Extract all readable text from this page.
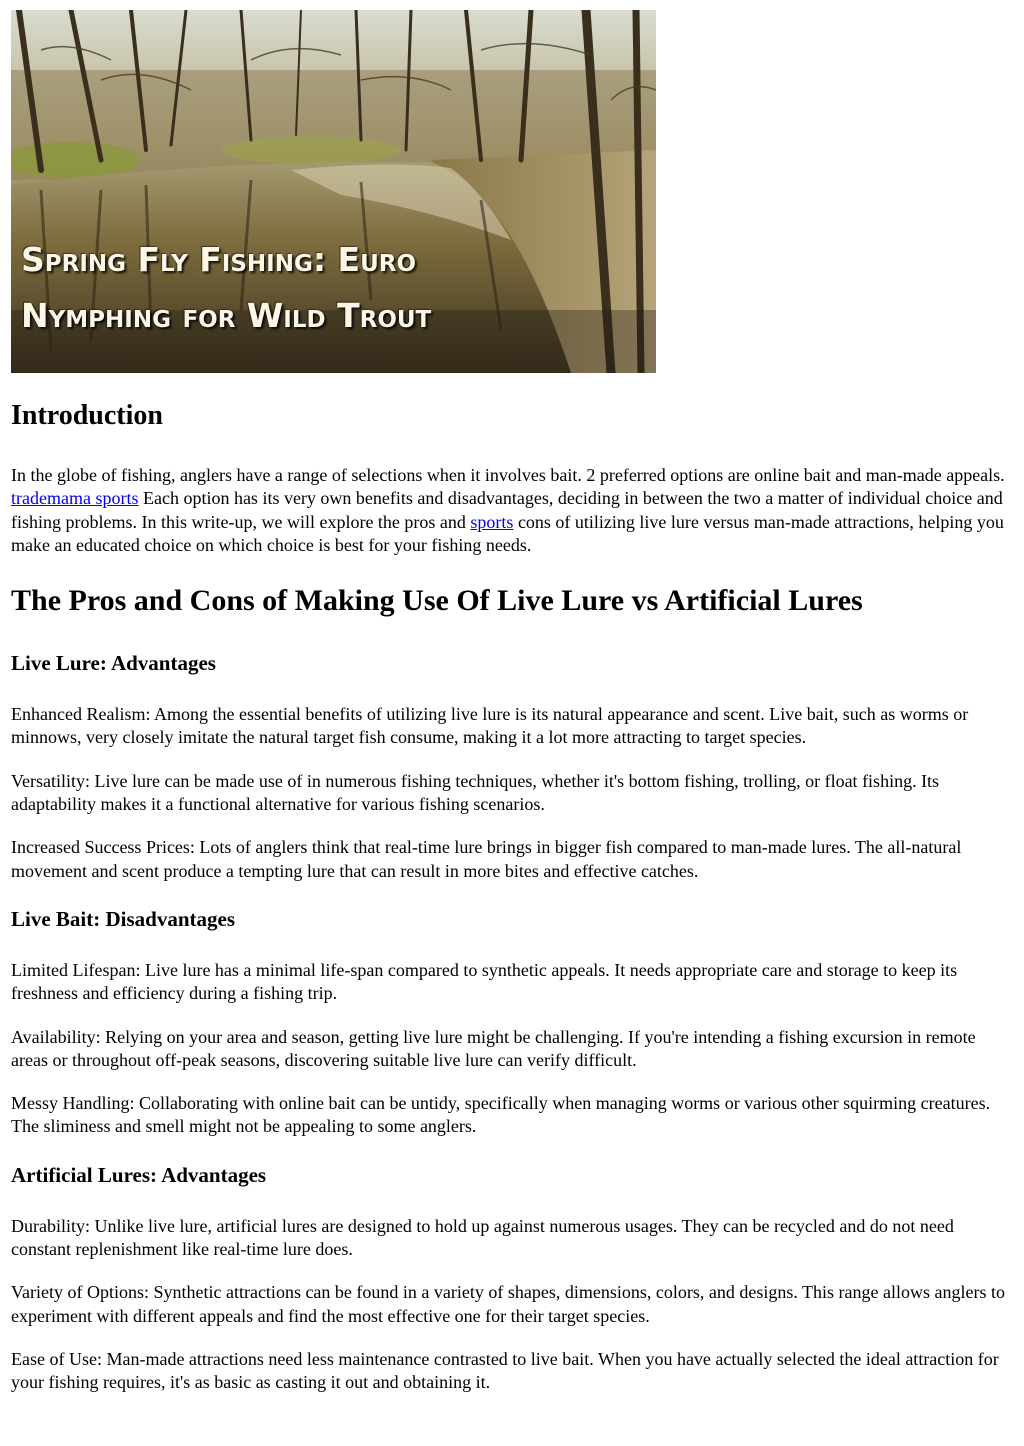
Spring Fly Fishing: Euro
Nymphing for Wild Trout
Introduction

In the globe of fishing, anglers have a range of selections when it involves bait. 2 preferred options are online bait and man-made appeals. trademama sports Each option has its very own benefits and disadvantages, deciding in between the two a matter of individual choice and fishing problems. In this write-up, we will explore the pros and sports cons of utilizing live lure versus man-made attractions, helping you make an educated choice on which choice is best for your fishing needs.

The Pros and Cons of Making Use Of Live Lure vs Artificial Lures
Live Lure: Advantages

Enhanced Realism: Among the essential benefits of utilizing live lure is its natural appearance and scent. Live bait, such as worms or minnows, very closely imitate the natural target fish consume, making it a lot more attracting to target species.

Versatility: Live lure can be made use of in numerous fishing techniques, whether it's bottom fishing, trolling, or float fishing. Its adaptability makes it a functional alternative for various fishing scenarios.

Increased Success Prices: Lots of anglers think that real-time lure brings in bigger fish compared to man-made lures. The all-natural movement and scent produce a tempting lure that can result in more bites and effective catches.

Live Bait: Disadvantages

Limited Lifespan: Live lure has a minimal life-span compared to synthetic appeals. It needs appropriate care and storage to keep its freshness and efficiency during a fishing trip.

Availability: Relying on your area and season, getting live lure might be challenging. If you're intending a fishing excursion in remote areas or throughout off-peak seasons, discovering suitable live lure can verify difficult.

Messy Handling: Collaborating with online bait can be untidy, specifically when managing worms or various other squirming creatures. The sliminess and smell might not be appealing to some anglers.

Artificial Lures: Advantages

Durability: Unlike live lure, artificial lures are designed to hold up against numerous usages. They can be recycled and do not need constant replenishment like real-time lure does.

Variety of Options: Synthetic attractions can be found in a variety of shapes, dimensions, colors, and designs. This range allows anglers to experiment with different appeals and find the most effective one for their target species.

Ease of Use: Man-made attractions need less maintenance contrasted to live bait. When you have actually selected the ideal attraction for your fishing requires, it's as basic as casting it out and obtaining it.
